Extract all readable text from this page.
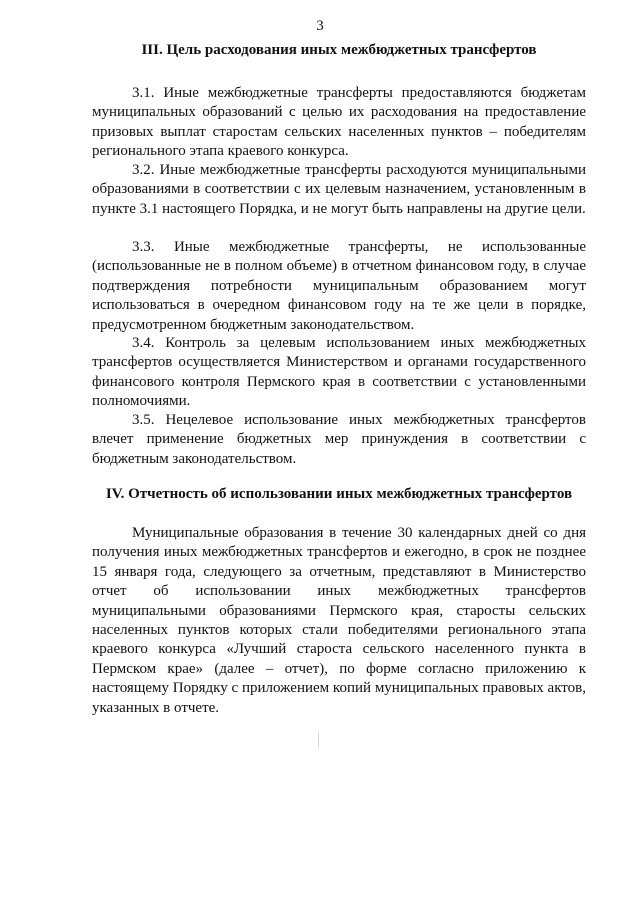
3
III. Цель расходования иных межбюджетных трансфертов

3.1. Иные межбюджетные трансферты предоставляются бюджетам муниципальных образований с целью их расходования на предоставление призовых выплат старостам сельских населенных пунктов – победителям регионального этапа краевого конкурса.

3.2. Иные межбюджетные трансферты расходуются муниципальными образованиями в соответствии с их целевым назначением, установленным в пункте 3.1 настоящего Порядка, и не могут быть направлены на другие цели.

3.3. Иные межбюджетные трансферты, не использованные (использованные не в полном объеме) в отчетном финансовом году, в случае подтверждения потребности муниципальным образованием могут использоваться в очередном финансовом году на те же цели в порядке, предусмотренном бюджетным законодательством.

3.4. Контроль за целевым использованием иных межбюджетных трансфертов осуществляется Министерством и органами государственного финансового контроля Пермского края в соответствии с установленными полномочиями.

3.5. Нецелевое использование иных межбюджетных трансфертов влечет применение бюджетных мер принуждения в соответствии с бюджетным законодательством.

IV. Отчетность об использовании иных межбюджетных трансфертов

Муниципальные образования в течение 30 календарных дней со дня получения иных межбюджетных трансфертов и ежегодно, в срок не позднее 15 января года, следующего за отчетным, представляют в Министерство отчет об использовании иных межбюджетных трансфертов муниципальными образованиями Пермского края, старосты сельских населенных пунктов которых стали победителями регионального этапа краевого конкурса «Лучший староста сельского населенного пункта в Пермском крае» (далее – отчет), по форме согласно приложению к настоящему Порядку с приложением копий муниципальных правовых актов, указанных в отчете.
